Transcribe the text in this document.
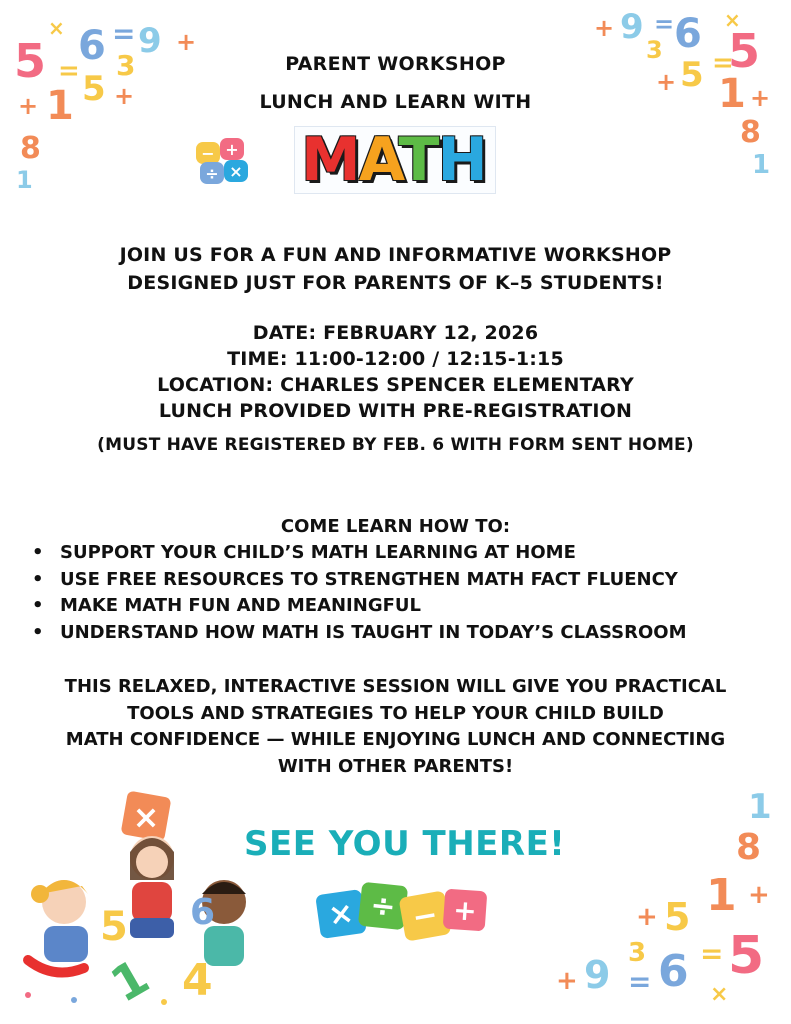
5 6 = 9 +
×
= 3
5 +
1
+
8
1
+ 9
3
= 6 ×
5
5
+
=
1 +
8
1
1
8
1 +
5
+
9 3
= 6 5
=
×
+
PARENT WORKSHOP
LUNCH AND LEARN WITH
− +
÷ × MATH
JOIN US FOR A FUN AND INFORMATIVE WORKSHOP
DESIGNED JUST FOR PARENTS OF K–5 STUDENTS!
DATE: FEBRUARY 12, 2026
TIME: 11:00-12:00 / 12:15-1:15
LOCATION: CHARLES SPENCER ELEMENTARY
LUNCH PROVIDED WITH PRE-REGISTRATION
(MUST HAVE REGISTERED BY FEB. 6 WITH FORM SENT HOME)
COME LEARN HOW TO:
• SUPPORT YOUR CHILD’S MATH LEARNING AT HOME
• USE FREE RESOURCES TO STRENGTHEN MATH FACT FLUENCY
• MAKE MATH FUN AND MEANINGFUL
• UNDERSTAND HOW MATH IS TAUGHT IN TODAY’S CLASSROOM
THIS RELAXED, INTERACTIVE SESSION WILL GIVE YOU PRACTICAL
TOOLS AND STRATEGIES TO HELP YOUR CHILD BUILD
MATH CONFIDENCE — WHILE ENJOYING LUNCH AND CONNECTING
WITH OTHER PARENTS!
SEE YOU THERE!
× ÷ − +
×
5
1 4
6
